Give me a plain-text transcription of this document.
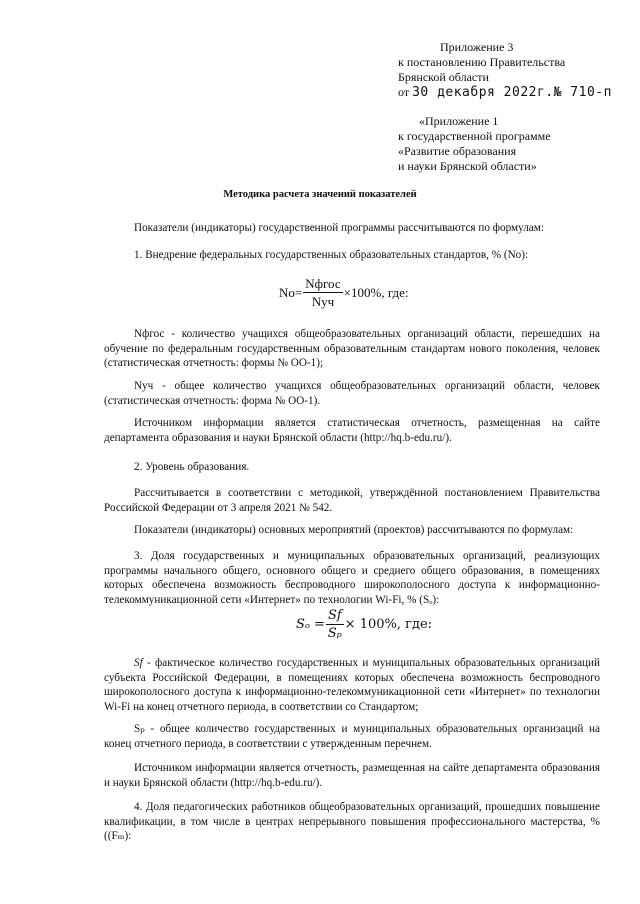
Приложение 3
к постановлению Правительства
Брянской области
от 30 декабря 2022г.№ 710-п
«Приложение 1
к государственной программе
«Развитие образования
и науки Брянской области»
Методика расчета значений показателей
Показатели (индикаторы) государственной программы рассчитываются по формулам:
1. Внедрение федеральных государственных образовательных стандартов, % (No):
$No= \frac{\text{Nфгос}}{\text{Nуч}} \times 100\%$, где:
Nфгос - количество учащихся общеобразовательных организаций области, перешедших на обучение по федеральным государственным образовательным стандартам нового поколения, человек (статистическая отчетность: формы № ОО-1);
Nуч - общее количество учащихся общеобразовательных организаций области, человек (статистическая отчетность: форма № ОО-1).
Источником информации является статистическая отчетность, размещенная на сайте департамента образования и науки Брянской области (http://hq.b-edu.ru/).
2. Уровень образования.
Рассчитывается в соответствии с методикой, утверждённой постановлением Правительства Российской Федерации от 3 апреля 2021 № 542.
Показатели (индикаторы) основных мероприятий (проектов) рассчитываются по формулам:
3. Доля государственных и муниципальных образовательных организаций, реализующих программы начального общего, основного общего и среднего общего образования, в помещениях которых обеспечена возможность беспроводного широкополосного доступа к информационно-телекоммуникационной сети «Интернет» по технологии Wi-Fi, % (Sₒ):
$S_o = \frac{Sf}{\text{Sₚ}} \times 100\%$, где:
Sf - фактическое количество государственных и муниципальных образовательных организаций субъекта Российской Федерации, в помещениях которых обеспечена возможность беспроводного широкополосного доступа к информационно-телекоммуникационной сети «Интернет» по технологии Wi-Fi на конец отчетного периода, в соответствии со Стандартом;
Sₚ - общее количество государственных и муниципальных образовательных организаций на конец отчетного периода, в соответствии с утвержденным перечнем.
Источником информации является отчетность, размещенная на сайте департамента образования и науки Брянской области (http://hq.b-edu.ru/).
4. Доля педагогических работников общеобразовательных организаций, прошедших повышение квалификации, в том числе в центрах непрерывного повышения профессионального мастерства, % ((Fₘ):
